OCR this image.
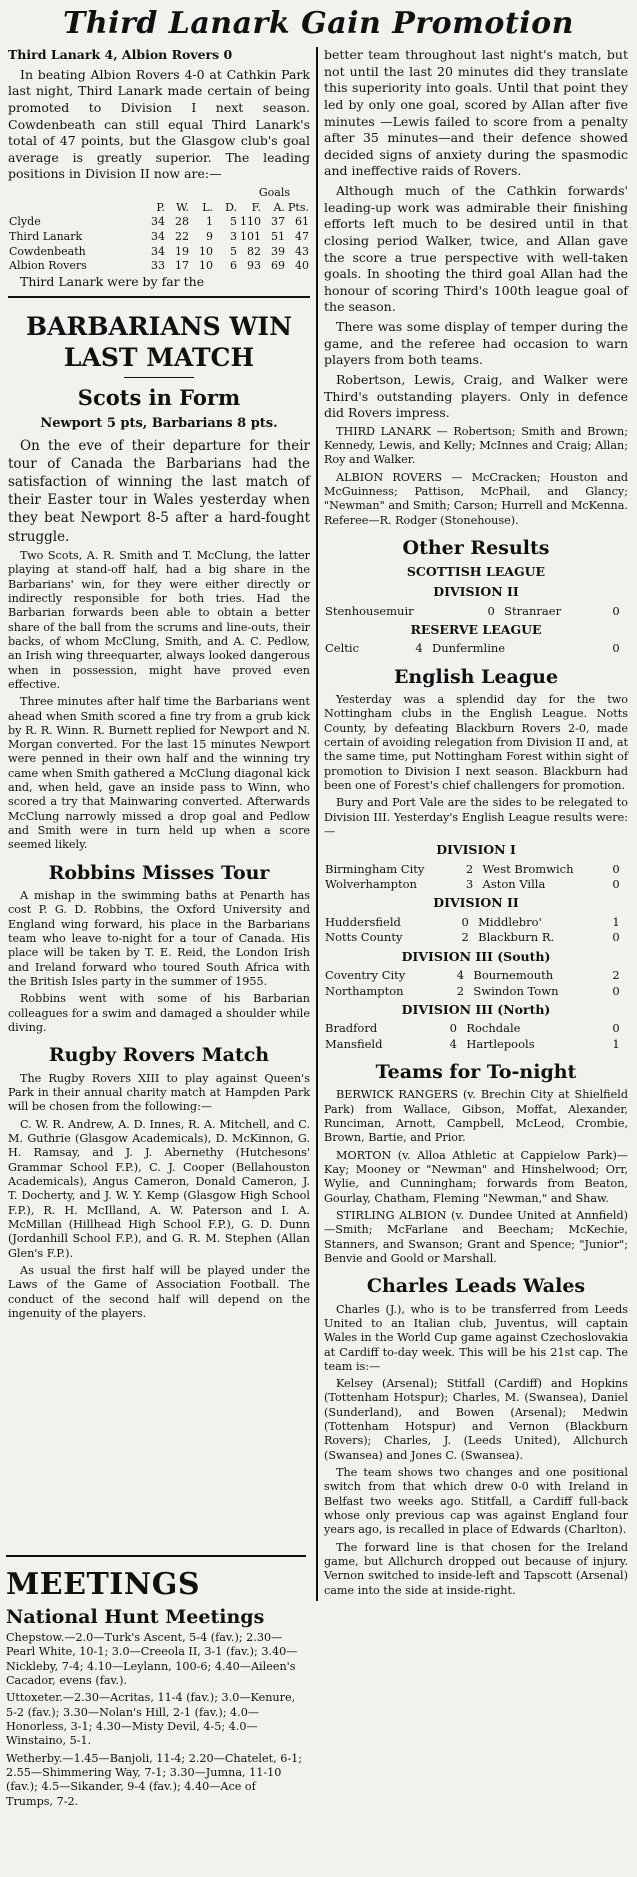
Third Lanark Gain Promotion

Third Lanark 4, Albion Rovers 0

In beating Albion Rovers 4-0 at Cathkin Park last night, Third Lanark made certain of being promoted to Division I next season. Cowdenbeath can still equal Third Lanark's total of 47 points, but the Glasgow club's goal average is greatly superior. The leading positions in Division II now are:—

Goals
	P.	W.	L.	D.	F.	A.	Pts.
Clyde	34	28	1	5	110	37	61
Third Lanark	34	22	9	3	101	51	47
Cowdenbeath	34	19	10	5	82	39	43
Albion Rovers	33	17	10	6	93	69	40

Third Lanark were by far the

BARBARIANS WIN LAST MATCH
Scots in Form
Newport 5 pts, Barbarians 8 pts.

On the eve of their departure for their tour of Canada the Barbarians had the satisfaction of winning the last match of their Easter tour in Wales yesterday when they beat Newport 8-5 after a hard-fought struggle.

Two Scots, A. R. Smith and T. McClung, the latter playing at stand-off half, had a big share in the Barbarians' win, for they were either directly or indirectly responsible for both tries. Had the Barbarian forwards been able to obtain a better share of the ball from the scrums and line-outs, their backs, of whom McClung, Smith, and A. C. Pedlow, an Irish wing threequarter, always looked dangerous when in possession, might have proved even effective.

Three minutes after half time the Barbarians went ahead when Smith scored a fine try from a grub kick by R. R. Winn. R. Burnett replied for Newport and N. Morgan converted. For the last 15 minutes Newport were penned in their own half and the winning try came when Smith gathered a McClung diagonal kick and, when held, gave an inside pass to Winn, who scored a try that Mainwaring converted. Afterwards McClung narrowly missed a drop goal and Pedlow and Smith were in turn held up when a score seemed likely.

Robbins Misses Tour

A mishap in the swimming baths at Penarth has cost P. G. D. Robbins, the Oxford University and England wing forward, his place in the Barbarians team who leave to-night for a tour of Canada. His place will be taken by T. E. Reid, the London Irish and Ireland forward who toured South Africa with the British Isles party in the summer of 1955.

Robbins went with some of his Barbarian colleagues for a swim and damaged a shoulder while diving.

Rugby Rovers Match

The Rugby Rovers XIII to play against Queen's Park in their annual charity match at Hampden Park will be chosen from the following:—

C. W. R. Andrew, A. D. Innes, R. A. Mitchell, and C. M. Guthrie (Glasgow Academicals), D. McKinnon, G. H. Ramsay, and J. J. Abernethy (Hutchesons' Grammar School F.P.), C. J. Cooper (Bellahouston Academicals), Angus Cameron, Donald Cameron, J. T. Docherty, and J. W. Y. Kemp (Glasgow High School F.P.), R. H. McIlland, A. W. Paterson and I. A. McMillan (Hillhead High School F.P.), G. D. Dunn (Jordanhill School F.P.), and G. R. M. Stephen (Allan Glen's F.P.).

As usual the first half will be played under the Laws of the Game of Association Football. The conduct of the second half will depend on the ingenuity of the players.

better team throughout last night's match, but not until the last 20 minutes did they translate this superiority into goals. Until that point they led by only one goal, scored by Allan after five minutes —Lewis failed to score from a penalty after 35 minutes—and their defence showed decided signs of anxiety during the spasmodic and ineffective raids of Rovers.

Although much of the Cathkin forwards' leading-up work was admirable their finishing efforts left much to be desired until in that closing period Walker, twice, and Allan gave the score a true perspective with well-taken goals. In shooting the third goal Allan had the honour of scoring Third's 100th league goal of the season.

There was some display of temper during the game, and the referee had occasion to warn players from both teams.

Robertson, Lewis, Craig, and Walker were Third's outstanding players. Only in defence did Rovers impress.

THIRD LANARK — Robertson; Smith and Brown; Kennedy, Lewis, and Kelly; McInnes and Craig; Allan; Roy and Walker.

ALBION ROVERS — McCracken; Houston and McGuinness; Pattison, McPhail, and Glancy; "Newman" and Smith; Carson; Hurrell and McKenna. Referee—R. Rodger (Stonehouse).

Other Results
SCOTTISH LEAGUE
DIVISION II
Stenhousemuir	0	Stranraer	0
RESERVE LEAGUE
Celtic	4	Dunfermline	0
English League

Yesterday was a splendid day for the two Nottingham clubs in the English League. Notts County, by defeating Blackburn Rovers 2-0, made certain of avoiding relegation from Division II and, at the same time, put Nottingham Forest within sight of promotion to Division I next season. Blackburn had been one of Forest's chief challengers for promotion.

Bury and Port Vale are the sides to be relegated to Division III. Yesterday's English League results were:—

DIVISION I
Birmingham City	2	West Bromwich	0
Wolverhampton	3	Aston Villa	0
DIVISION II
Huddersfield	0	Middlebro'	1
Notts County	2	Blackburn R.	0
DIVISION III (South)
Coventry City	4	Bournemouth	2
Northampton	2	Swindon Town	0
DIVISION III (North)
Bradford	0	Rochdale	0
Mansfield	4	Hartlepools	1
Teams for To-night

BERWICK RANGERS (v. Brechin City at Shielfield Park) from Wallace, Gibson, Moffat, Alexander, Runciman, Arnott, Campbell, McLeod, Crombie, Brown, Bartie, and Prior.

MORTON (v. Alloa Athletic at Cappielow Park)—Kay; Mooney or "Newman" and Hinshelwood; Orr, Wylie, and Cunningham; forwards from Beaton, Gourlay, Chatham, Fleming "Newman," and Shaw.

STIRLING ALBION (v. Dundee United at Annfield)—Smith; McFarlane and Beecham; McKechie, Stanners, and Swanson; Grant and Spence; "Junior"; Benvie and Goold or Marshall.

Charles Leads Wales

Charles (J.), who is to be transferred from Leeds United to an Italian club, Juventus, will captain Wales in the World Cup game against Czechoslovakia at Cardiff to-day week. This will be his 21st cap. The team is:—

Kelsey (Arsenal); Stitfall (Cardiff) and Hopkins (Tottenham Hotspur); Charles, M. (Swansea), Daniel (Sunderland), and Bowen (Arsenal); Medwin (Tottenham Hotspur) and Vernon (Blackburn Rovers); Charles, J. (Leeds United), Allchurch (Swansea) and Jones C. (Swansea).

The team shows two changes and one positional switch from that which drew 0-0 with Ireland in Belfast two weeks ago. Stitfall, a Cardiff full-back whose only previous cap was against England four years ago, is recalled in place of Edwards (Charlton).

The forward line is that chosen for the Ireland game, but Allchurch dropped out because of injury. Vernon switched to inside-left and Tapscott (Arsenal) came into the side at inside-right.

MEETINGS
National Hunt Meetings

Chepstow.—2.0—Turk's Ascent, 5-4 (fav.); 2.30—Pearl White, 10-1; 3.0—Creeola II, 3-1 (fav.); 3.40—Nickleby, 7-4; 4.10—Leylann, 100-6; 4.40—Aileen's Cacador, evens (fav.).

Uttoxeter.—2.30—Acritas, 11-4 (fav.); 3.0—Kenure, 5-2 (fav.); 3.30—Nolan's Hill, 2-1 (fav.); 4.0—Honorless, 3-1; 4.30—Misty Devil, 4-5; 4.0—Winstaino, 5-1.

Wetherby.—1.45—Banjoli, 11-4; 2.20—Chatelet, 6-1; 2.55—Shimmering Way, 7-1; 3.30—Jumna, 11-10 (fav.); 4.5—Sikander, 9-4 (fav.); 4.40—Ace of Trumps, 7-2.
